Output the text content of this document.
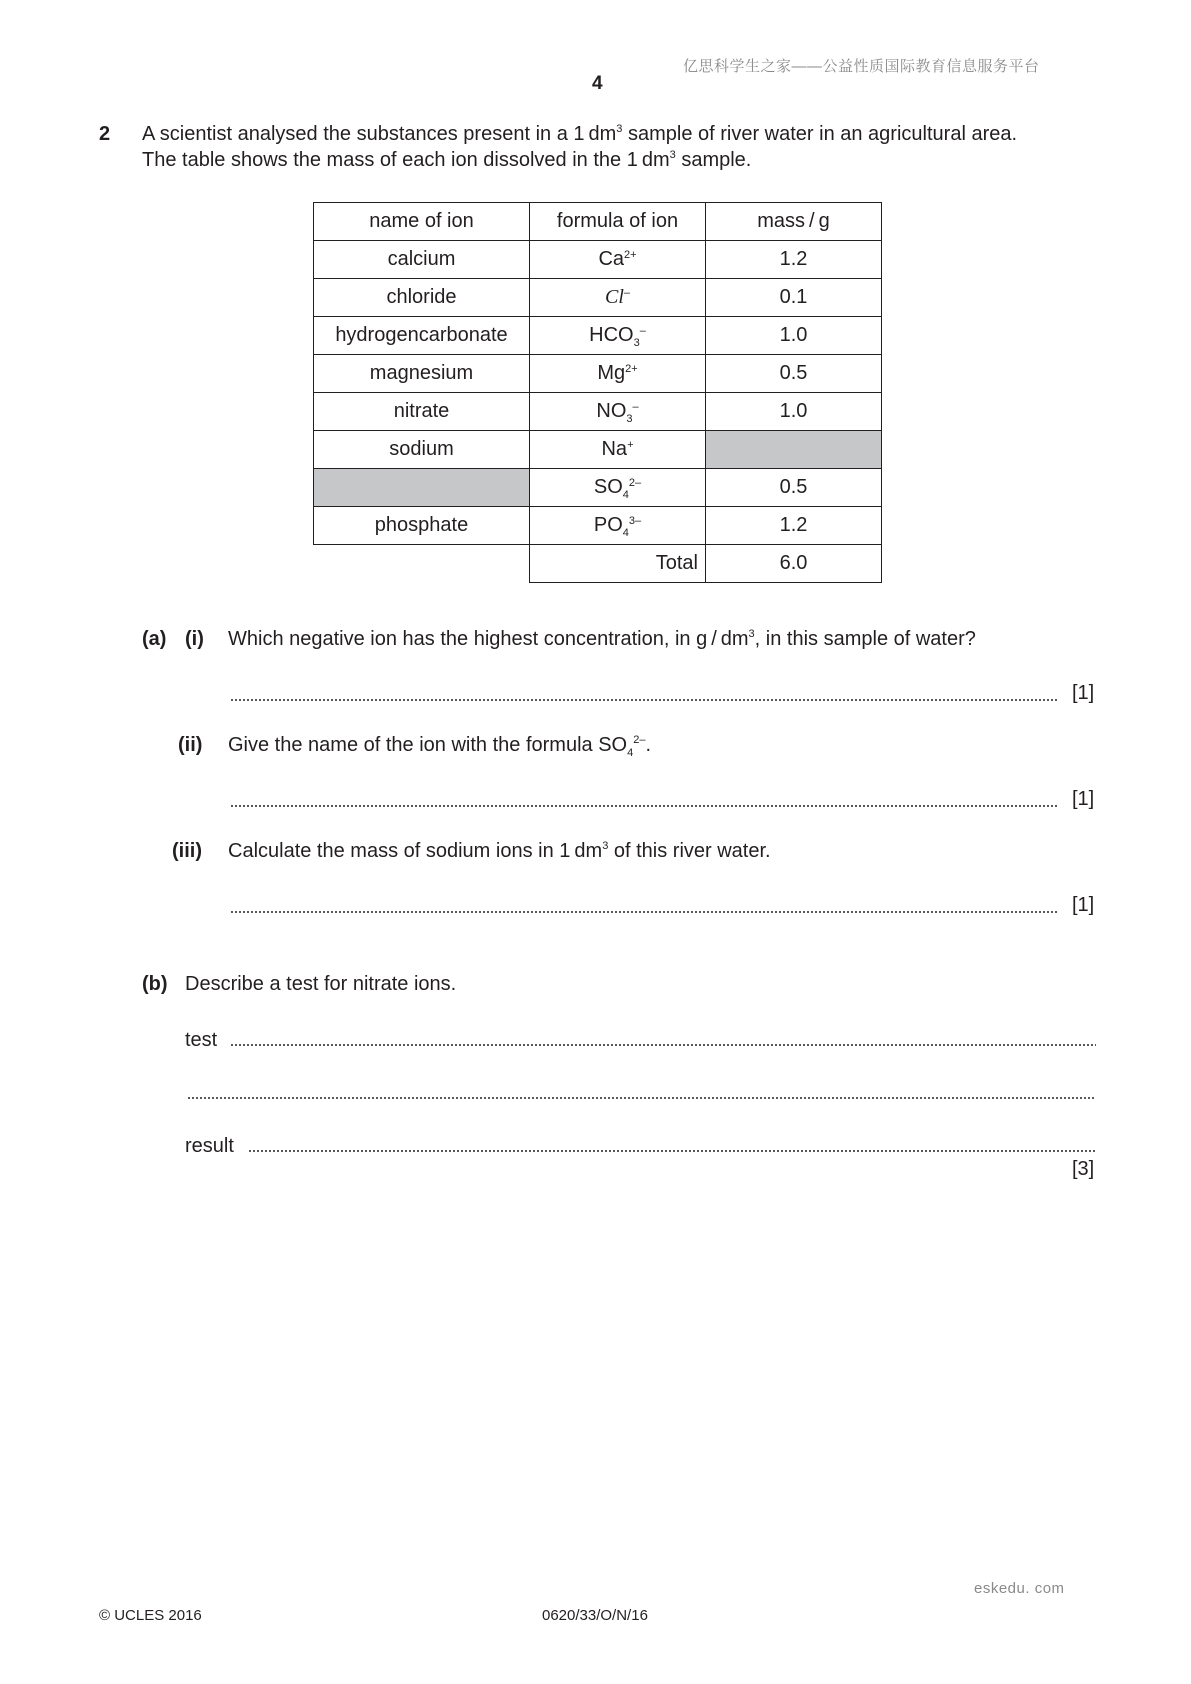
亿思科学生之家——公益性质国际教育信息服务平台
4
2 A scientist analysed the substances present in a 1 $dm^3$ sample of river water in an agricultural area.
The table shows the mass of each ion dissolved in the 1 $dm^3$ sample.
name of ion	formula of ion	mass / g
calcium	$Ca^{2+}$	1.2
chloride	Cl–	0.1
hydrogencarbonate	$HCO_3^-$	1.0
magnesium	$Mg^{2+}$	0.5
nitrate	$NO_3^-$	1.0
sodium	Na+	
	$SO_4^{2-}$	0.5
phosphate	$PO_4^{3-}$	1.2
	Total	6.0
(a) (i) Which negative ion has the highest concentration, in g / $dm^3$, in this sample of water?
[1]
(ii) Give the name of the ion with the formula $SO_4^{2-}$.
[1]
(iii) Calculate the mass of sodium ions in 1 $dm^3$ of this river water.
[1]
(b) Describe a test for nitrate ions.
test
result
[3]
eskedu. com
© UCLES 2016	0620/33/O/N/16
